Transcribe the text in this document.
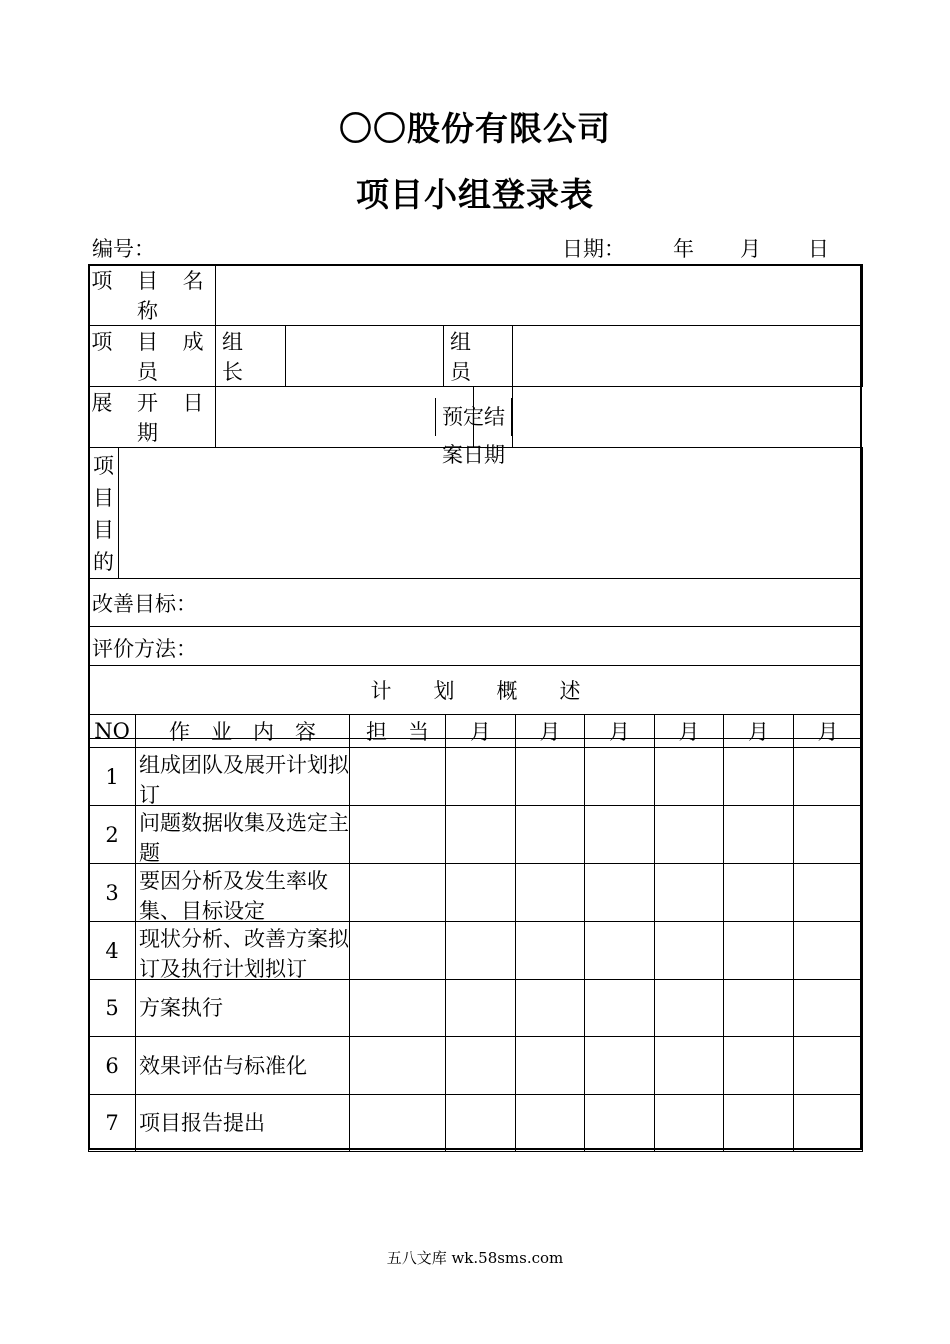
〇〇股份有限公司
项目小组登录表
编号：	日期： 年 月 日
项 目 名 称						
项 目 成 员		组 长		组 员		
展 开 日 期					预定结案日期	

项
目
目
的						

改善目标：						
评价方法：						
计　　划　　概　　述								
NO	作　业　内　容	担　当	月	月	月	月	月	月
1	组成团队及展开计划拟订							

2	问题数据收集及选定主题							

3	要因分析及发生率收集、目标设定							

4	现状分析、改善方案拟订及执行计划拟订							

5	方案执行							
6	效果评估与标准化							
7	项目报告提出							
五八文库 wk.58sms.com
